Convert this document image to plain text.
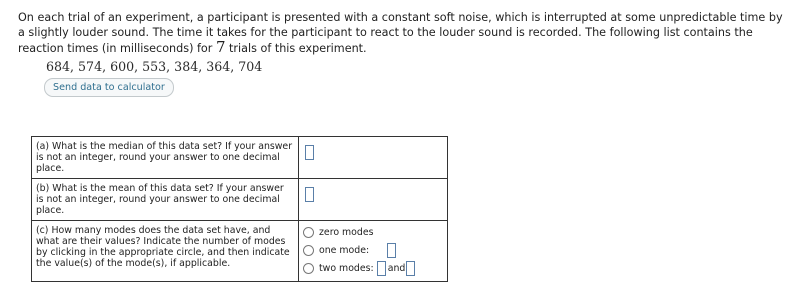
On each trial of an experiment, a participant is presented with a constant soft noise, which is interrupted at some unpredictable time by a slightly louder sound. The time it takes for the participant to react to the louder sound is recorded. The following list contains the reaction times (in milliseconds) for 7 trials of this experiment.

684, 574, 600, 553, 384, 364, 704
Send data to calculator
(a) What is the median of this data set? If your answer is not an integer, round your answer to one decimal place.	
(b) What is the mean of this data set? If your answer is not an integer, round your answer to one decimal place.	
(c) How many modes does the data set have, and what are their values? Indicate the number of modes by clicking in the appropriate circle, and then indicate the value(s) of the mode(s), if applicable.	zero modes
one mode:
two modes: and
